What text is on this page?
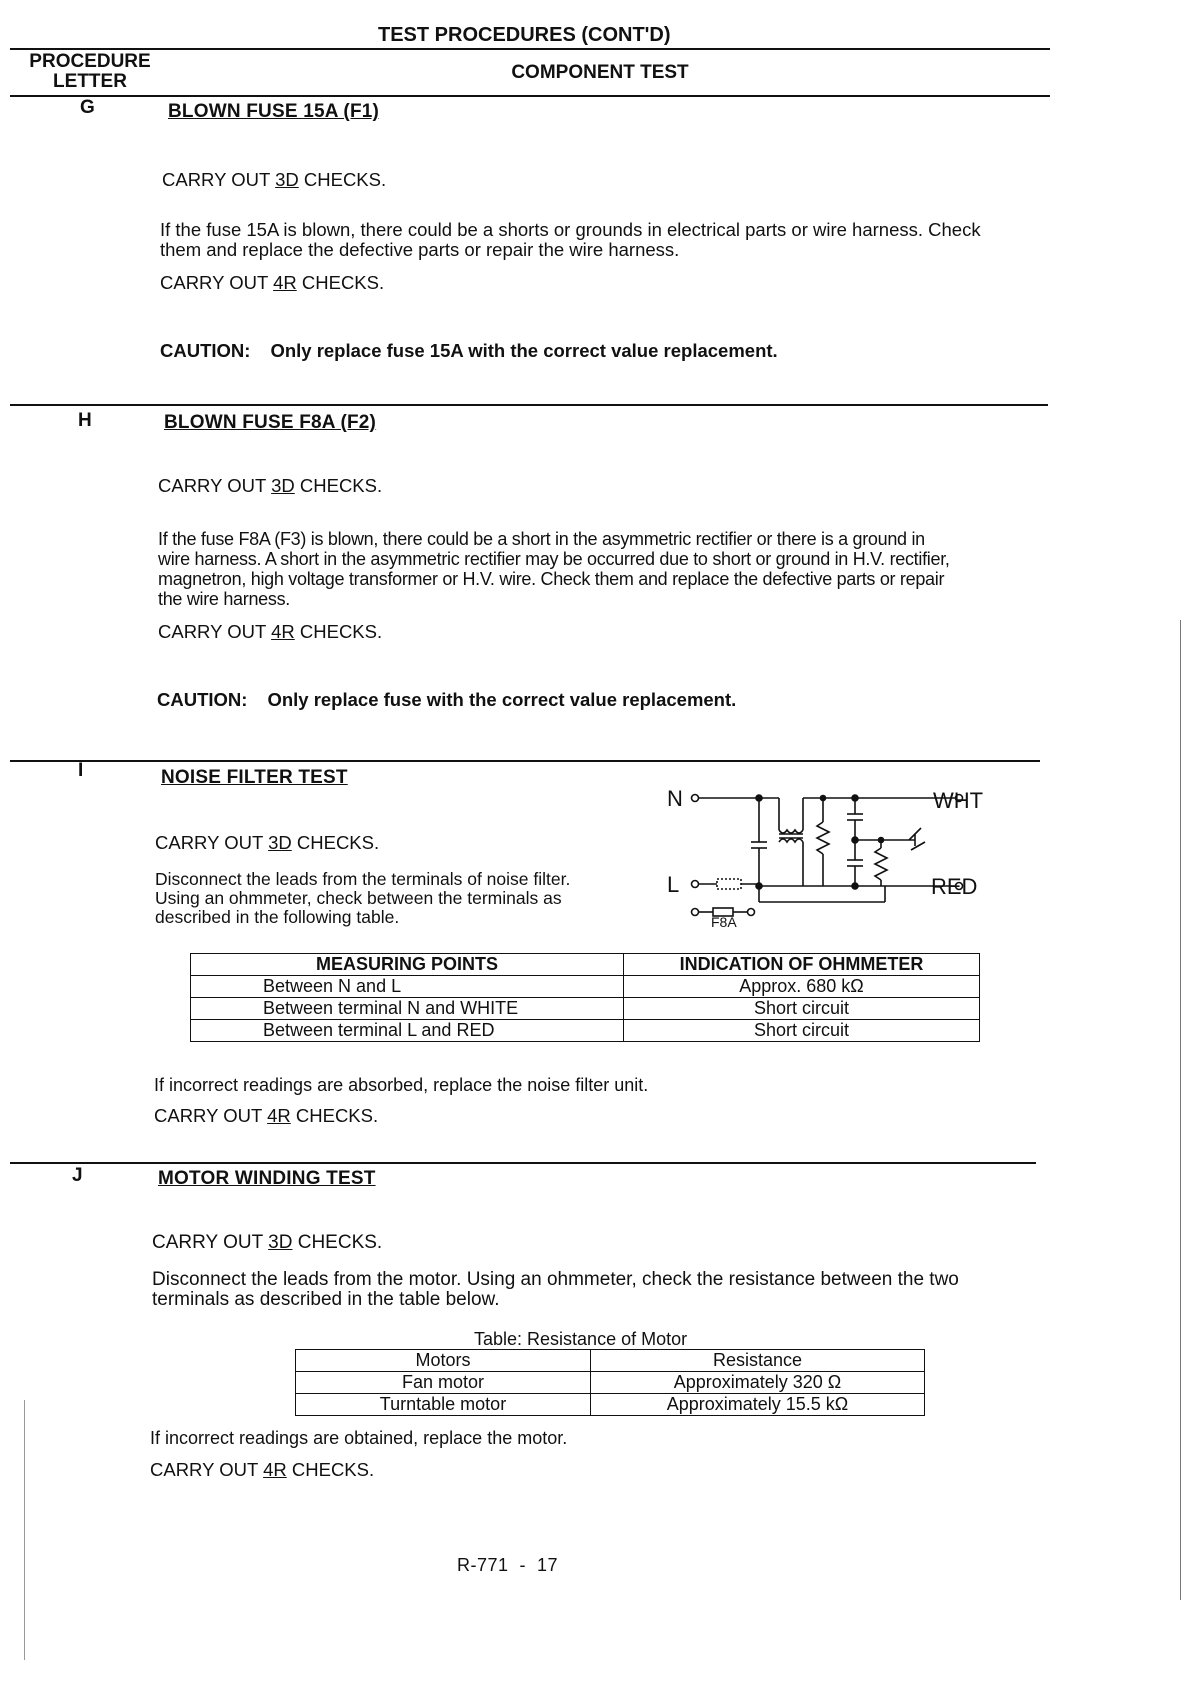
TEST PROCEDURES (CONT'D)
PROCEDURE
LETTER	COMPONENT TEST
G	BLOWN FUSE 15A (F1)
CARRY OUT 3D CHECKS.
If the fuse 15A is blown, there could be a shorts or grounds in electrical parts or wire harness. Check
them and replace the defective parts or repair the wire harness.
CARRY OUT 4R CHECKS.
CAUTION: Only replace fuse 15A with the correct value replacement.
H	BLOWN FUSE F8A (F2)
CARRY OUT 3D CHECKS.
If the fuse F8A (F3) is blown, there could be a short in the asymmetric rectifier or there is a ground in
wire harness. A short in the asymmetric rectifier may be occurred due to short or ground in H.V. rectifier,
magnetron, high voltage transformer or H.V. wire. Check them and replace the defective parts or repair
the wire harness.
CARRY OUT 4R CHECKS.
CAUTION: Only replace fuse with the correct value replacement.
I	NOISE FILTER TEST
CARRY OUT 3D CHECKS.
Disconnect the leads from the terminals of noise filter.
Using an ohmmeter, check between the terminals as
described in the following table.
N
L
WHT
RED
F8A
MEASURING POINTS	INDICATION OF OHMMETER
Between N and L	Approx. 680 kΩ
Between terminal N and WHITE	Short circuit
Between terminal L and RED	Short circuit
If incorrect readings are absorbed, replace the noise filter unit.
CARRY OUT 4R CHECKS.
J	MOTOR WINDING TEST
CARRY OUT 3D CHECKS.
Disconnect the leads from the motor. Using an ohmmeter, check the resistance between the two
terminals as described in the table below.
Table: Resistance of Motor
Motors	Resistance
Fan motor	Approximately 320 Ω
Turntable motor	Approximately 15.5 kΩ
If incorrect readings are obtained, replace the motor.
CARRY OUT 4R CHECKS.
R-771  -  17
